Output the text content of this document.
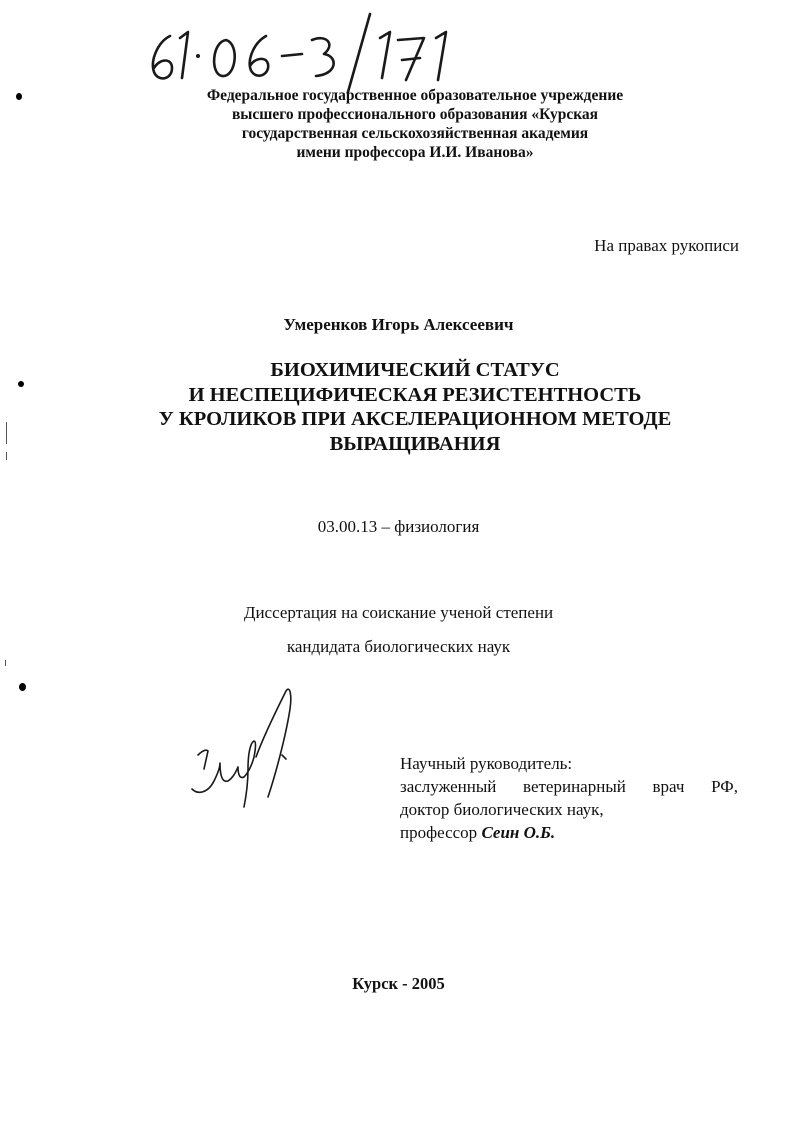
Федеральное государственное образовательное учреждение
высшего профессионального образования «Курская
государственная сельскохозяйственная академия
имени профессора И.И. Иванова»
На правах рукописи
Умеренков Игорь Алексеевич
БИОХИМИЧЕСКИЙ СТАТУС
И НЕСПЕЦИФИЧЕСКАЯ РЕЗИСТЕНТНОСТЬ
У КРОЛИКОВ ПРИ АКСЕЛЕРАЦИОННОМ МЕТОДЕ
ВЫРАЩИВАНИЯ
03.00.13 – физиология
Диссертация на соискание ученой степени
кандидата биологических наук
Научный руководитель:
заслуженный ветеринарный врач РФ,
доктор биологических наук,
профессор Сеин О.Б.
Курск - 2005
